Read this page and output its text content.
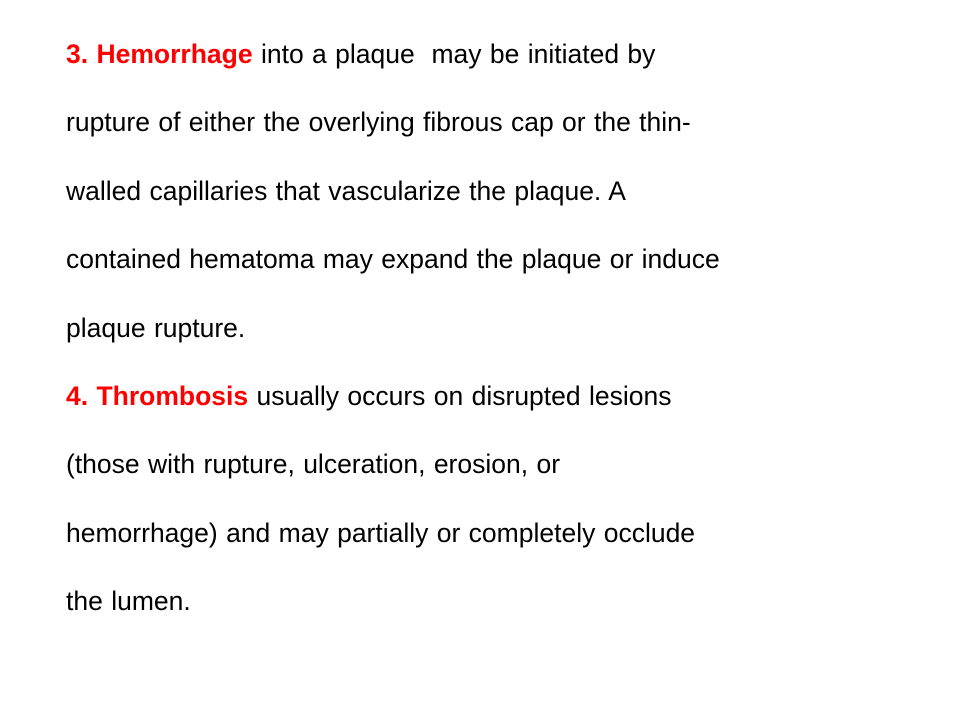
3. Hemorrhage into a plaque  may be initiated by
rupture of either the overlying fibrous cap or the thin-
walled capillaries that vascularize the plaque. A
contained hematoma may expand the plaque or induce
plaque rupture.
4. Thrombosis usually occurs on disrupted lesions
(those with rupture, ulceration, erosion, or
hemorrhage) and may partially or completely occlude
the lumen.
